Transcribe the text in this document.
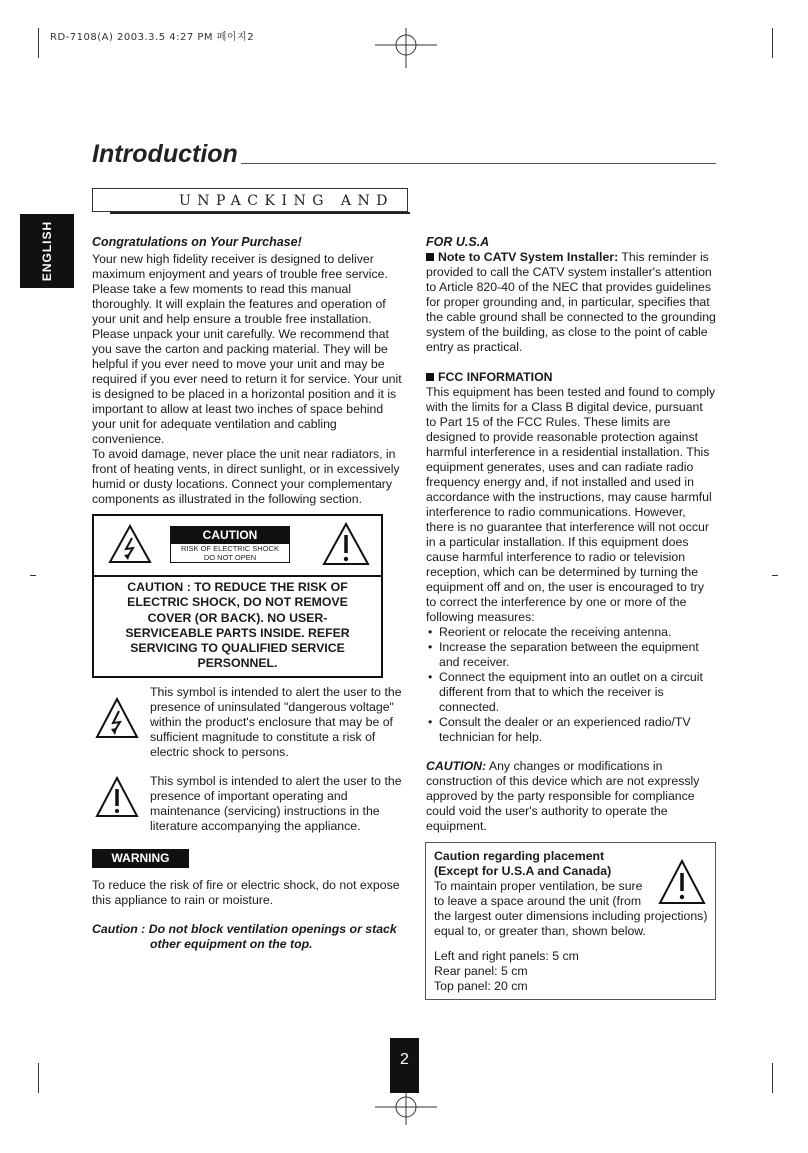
RD-7108(A) 2003.3.5 4:27 PM 페이지2
Introduction
UNPACKING AND
ENGLISH	Congratulations on Your Purchase!

Your new high fidelity receiver is designed to deliver maximum enjoyment and years of trouble free service. Please take a few moments to read this manual thoroughly. It will explain the features and operation of your unit and help ensure a trouble free installation. Please unpack your unit carefully. We recommend that you save the carton and packing material. They will be helpful if you ever need to move your unit and may be required if you ever need to return it for service. Your unit is designed to be placed in a horizontal position and it is important to allow at least two inches of space behind your unit for adequate ventilation and cabling convenience.

To avoid damage, never place the unit near radiators, in front of heating vents, in direct sunlight, or in excessively humid or dusty locations. Connect your complementary components as illustrated in the following section.

CAUTION
RISK OF ELECTRIC SHOCK
DO NOT OPEN
CAUTION : TO REDUCE THE RISK OF ELECTRIC SHOCK, DO NOT REMOVE COVER (OR BACK). NO USER-SERVICEABLE PARTS INSIDE. REFER SERVICING TO QUALIFIED SERVICE PERSONNEL.
This symbol is intended to alert the user to the presence of uninsulated "dangerous voltage" within the product's enclosure that may be of sufficient magnitude to constitute a risk of electric shock to persons.
This symbol is intended to alert the user to the presence of important operating and maintenance (servicing) instructions in the literature accompanying the appliance.
WARNING
To reduce the risk of fire or electric shock, do not expose this appliance to rain or moisture.
Caution : Do not block ventilation openings or stack
other equipment on the top.
FOR U.S.A

Note to CATV System Installer: This reminder is provided to call the CATV system installer's attention to Article 820-40 of the NEC that provides guidelines for proper grounding and, in particular, specifies that the cable ground shall be connected to the grounding system of the building, as close to the point of cable entry as practical.

FCC INFORMATION

This equipment has been tested and found to comply with the limits for a Class B digital device, pursuant to Part 15 of the FCC Rules. These limits are designed to provide reasonable protection against harmful interference in a residential installation. This equipment generates, uses and can radiate radio frequency energy and, if not installed and used in accordance with the instructions, may cause harmful interference to radio communications. However, there is no guarantee that interference will not occur in a particular installation. If this equipment does cause harmful interference to radio or television reception, which can be determined by turning the equipment off and on, the user is encouraged to try to correct the interference by one or more of the following measures:

• Reorient or relocate the receiving antenna.
• Increase the separation between the equipment and receiver.
• Connect the equipment into an outlet on a circuit different from that to which the receiver is connected.
• Consult the dealer or an experienced radio/TV technician for help.

CAUTION: Any changes or modifications in construction of this device which are not expressly approved by the party responsible for compliance could void the user's authority to operate the equipment.

Caution regarding placement
(Except for U.S.A and Canada)
To maintain proper ventilation, be sure to leave a space around the unit (from
the largest outer dimensions including projections) equal to, or greater than, shown below.
Left and right panels: 5 cm
Rear panel: 5 cm
Top panel: 20 cm
2
